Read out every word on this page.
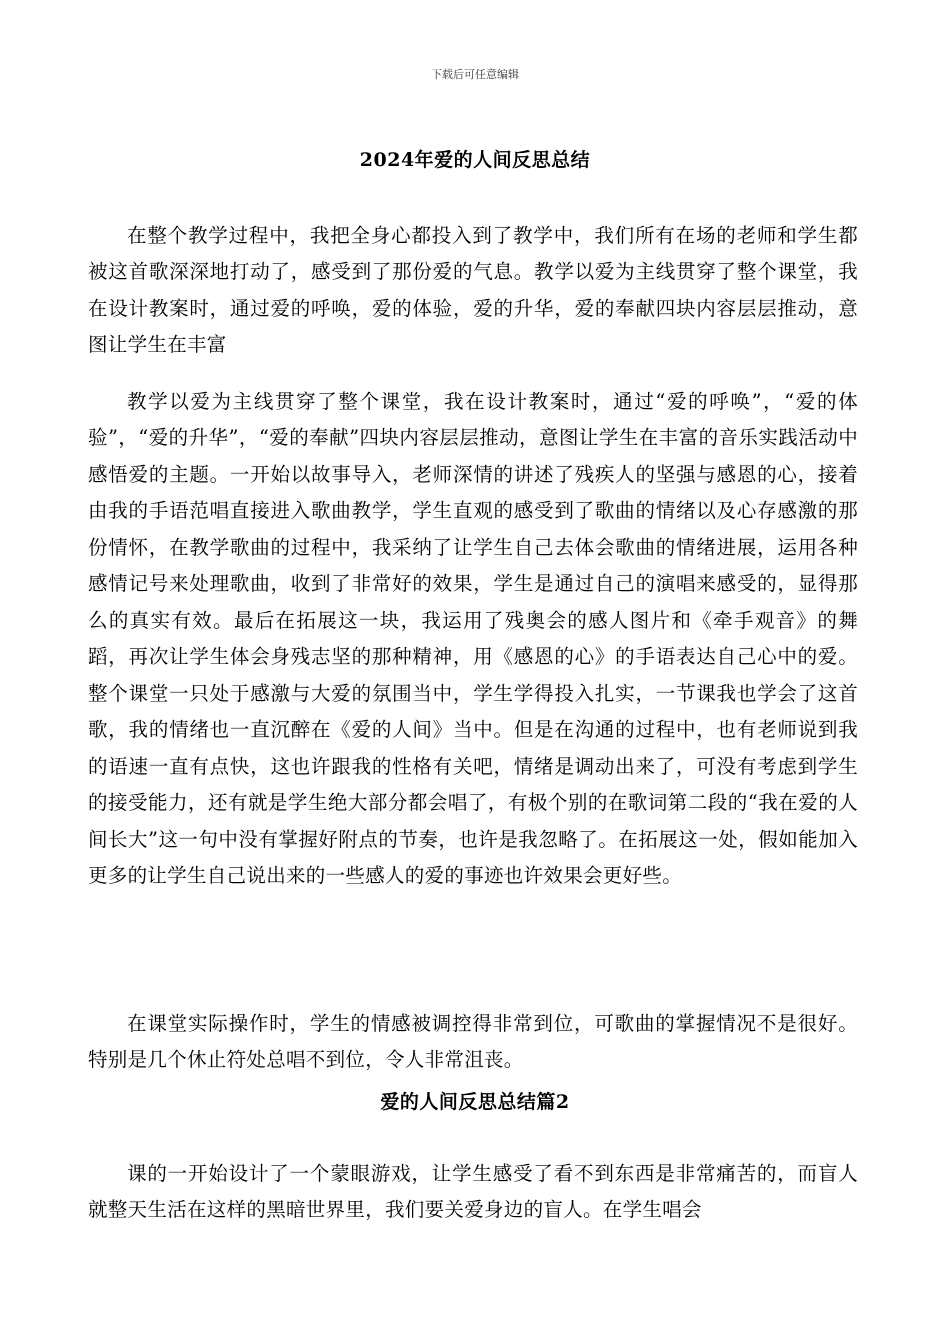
下载后可任意编辑
2024年爱的人间反思总结

在整个教学过程中，我把全身心都投入到了教学中，我们所有在场的老师和学生都被这首歌深深地打动了，感受到了那份爱的气息。教学以爱为主线贯穿了整个课堂，我在设计教案时，通过爱的呼唤，爱的体验，爱的升华，爱的奉献四块内容层层推动，意图让学生在丰富

教学以爱为主线贯穿了整个课堂，我在设计教案时，通过“爱的呼唤”，“爱的体验”，“爱的升华”，“爱的奉献”四块内容层层推动，意图让学生在丰富的音乐实践活动中感悟爱的主题。一开始以故事导入，老师深情的讲述了残疾人的坚强与感恩的心，接着由我的手语范唱直接进入歌曲教学，学生直观的感受到了歌曲的情绪以及心存感激的那份情怀，在教学歌曲的过程中，我采纳了让学生自己去体会歌曲的情绪进展，运用各种感情记号来处理歌曲，收到了非常好的效果，学生是通过自己的演唱来感受的，显得那么的真实有效。最后在拓展这一块，我运用了残奥会的感人图片和《牵手观音》的舞蹈，再次让学生体会身残志坚的那种精神，用《感恩的心》的手语表达自己心中的爱。整个课堂一只处于感激与大爱的氛围当中，学生学得投入扎实，一节课我也学会了这首歌，我的情绪也一直沉醉在《爱的人间》当中。但是在沟通的过程中，也有老师说到我的语速一直有点快，这也许跟我的性格有关吧，情绪是调动出来了，可没有考虑到学生的接受能力，还有就是学生绝大部分都会唱了，有极个别的在歌词第二段的“我在爱的人间长大”这一句中没有掌握好附点的节奏，也许是我忽略了。在拓展这一处，假如能加入更多的让学生自己说出来的一些感人的爱的事迹也许效果会更好些。

在课堂实际操作时，学生的情感被调控得非常到位，可歌曲的掌握情况不是很好。特别是几个休止符处总唱不到位，令人非常沮丧。

爱的人间反思总结篇2

课的一开始设计了一个蒙眼游戏，让学生感受了看不到东西是非常痛苦的，而盲人就整天生活在这样的黑暗世界里，我们要关爱身边的盲人。在学生唱会
